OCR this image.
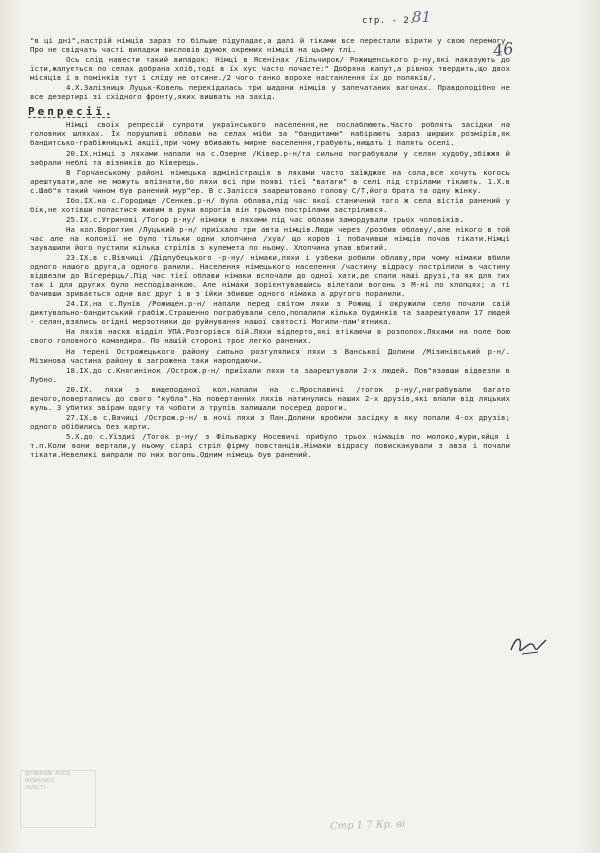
стр. - 2.
81
46

"в ці дні",настрій німців зараз то більше підупадає,а далі й тіками все перестали вірити у свою перемогу. Про не свідчать часті випадки висловів думок окремих німців на цьому тлі.

Ось слід навести такий випадок: Німці в Ясенінах /Більчирок/ Рожищенського р-ну,які наказують до їсти,жалується по селах добрана хліб,тоді в їх хус часто почаєте:" Добряна капут,а рівнох твердить,що двох місяців і в помінків тут і сліду не отсине./2 чого ганко ворохе настанлення їх до поляків/.

4.Х.Залізниця Луцьк-Ковель перекідалась три шадони німців у запечатаних вагонах. Правдоподібно не все дезертирі зі східного фронту,яких вишвать на захід.

Репресії.

Німці своїх репресій супроти українського населення,не послаблюють.Часто роблять засідки на головних шляхах. Їх порушливі облави на селах міби за "бандитами" набірають зараз ширших розмірів,як бандитсько-грабіжницькі акції,при чому вбивають мирне населення,грабують,нищать і палять оселі.

20.ІХ.німці з ляхами напали на с.Озерне /Ківер.р-н/та сильно пограбували у селян худобу,збіжжя й забрали неблі та візників до Ківерець.

В Горчанському районі німецька адміністрація в ляхами часто заїжджає на сола,все хочуть когось арештувати,але не можуть впізнати,бо ляхи всі при появі тієї "ватаги" в селі під стрілами тікають. 1.Х.в с.Шаб"я такий чином був ранений мур"ер. В с.Залісся заарештовано голову С/Т,його брата та одну жінку.

Ібо.ІХ.на с.Городище /Сенкев.р-н/ була облава,під час якої станичний того ж села вістів ранений у бік,не хотівши попастися живим в руки ворогів він трьома пострілами застрілився.

25.ІХ.с.Угринові /Тогор р-ну/ німаки в ляхами під час облави замордували трьох чоловіків.

На кол.Ворогтин /Луцький р-н/ приїхало три авта німців.Люди через /розбив облаву/,але нікого в той час але на колонії не було тільки одни хлопчина /хуа/ що коров і побачивши німців почав тікати.Німці заувашили його пустили кілька стрілів з кулемета по ньому. Хлопчина упав вбитий.

23.ІХ.в с.Вівчиці /Дідпубецького -р-ну/ німаки,ляхи і узбеки робили облаву,при чому німаки вбили одного нашого друга,а одного ранили. Населення німецького населення /частину відрасу пострілили в частину відвезли до Вігерерць/.Під час тієї облави німаки вспочали до одної хати,де спали наші друзі,та як для тих так і для других було несподіванкою. Але німаки зорієнтувавшись вілетали вогонь з М-ні по хлопцях; а ті бачивши зривається одни вас друг і в з ійки збивше одного німака а другого поранили.

24.ІХ.на с.Лунів /Рожищен.р-н/ напали перед світом ляхи з Рожищ і окружили село почали свій диктувально-бандитський грабіж.Страшенно пограбували село,попалили кілька будинків та заарештували 17 людей - селян,взялись огідні мерзотники до руйнування нашої святості Могили-пам'ятника.

На ляхів наскв відділ УПА.Розгорівся бій.Ляхи відперто,які втікаючи в розполох.Ляхами на поле бою свого головного командира. По нашій стороні троє легко ранених.

На терені Острожецького району сильно розгулялися ляхи з Ванської Долини /Мізинівський р-н/. Мізинова частина району в загрожена таки наропдаючи.

18.ІХ.до с.Княгинінок /Острож.р-н/ приїхали ляхи та заарештували 2-х людей. Пов"язавши відвезли в Лубно.

20.ІХ. ляхи з вищеподаної кол.напали на с.Ярославичі /тогок р-ну/,награбували багато дечого,повертались до свого "кубла".На повертанних ляхів натинулись наших 2-х друзів,які впали від ляцьких куль. З убитих звірам одягу та чоботи а трупів залишали посеред дороги.

27.ІХ.в с.Вачиці /Острож.р-н/ в ночі ляхи з Пан.Долини вробили засідку в яку попали 4-ох друзів; одного обібились без карти.

5.Х.до с.Уїздиі /Тогок р-ну/ з Фільварку Носевичі прибуло трьох німаців по молоко,жури,яйця і т.п.Коли вони вертали,у ньому сіарі стріл фірму повстанців.Німаки відрасу повискакували з авза і почали тікати.Невеликі вилрали по них вогонь.Одним німець був ранений.

ДЕРЖАВНИЙ АРХІВ
ВОЛИНСЬКОЇ
ОБЛАСТІ
Стр 1 7 Кр. ві
